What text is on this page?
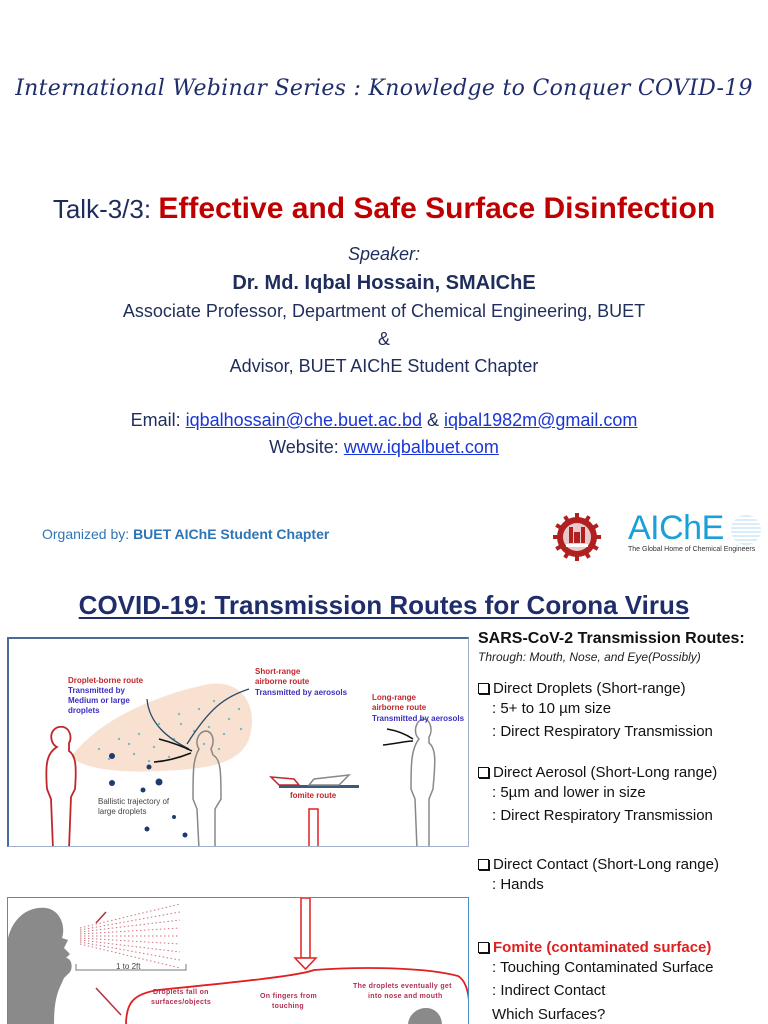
International Webinar Series : Knowledge to Conquer COVID-19
Talk-3/3: Effective and Safe Surface Disinfection
Speaker:
Dr. Md. Iqbal Hossain, SMAIChE
Associate Professor, Department of Chemical Engineering, BUET
&
Advisor, BUET AIChE Student Chapter
Email: iqbalhossain@che.buet.ac.bd & iqbal1982m@gmail.com
Website: www.iqbalbuet.com
Organized by: BUET AIChE Student Chapter	AIChE
The Global Home of Chemical Engineers
COVID-19: Transmission Routes for Corona Virus
Droplet-borne route
Transmitted by
Medium or large
droplets
Short-range
airborne route
Transmitted by aerosols
Long-range
airborne route
Transmitted by aerosols
Ballistic trajectory of
large droplets
fomite route
1 to 2ft
Droplets fall on
surfaces/objects
On fingers from
touching
The droplets eventually get
into nose and mouth
SARS-CoV-2 Transmission Routes:
Through: Mouth, Nose, and Eye(Possibly)
Direct Droplets (Short-range)
: 5+ to 10 µm size
: Direct Respiratory Transmission
Direct Aerosol (Short-Long range)
: 5µm and lower in size
: Direct Respiratory Transmission
Direct Contact (Short-Long range)
: Hands
Fomite (contaminated surface)
: Touching Contaminated Surface
: Indirect Contact
Which Surfaces?
